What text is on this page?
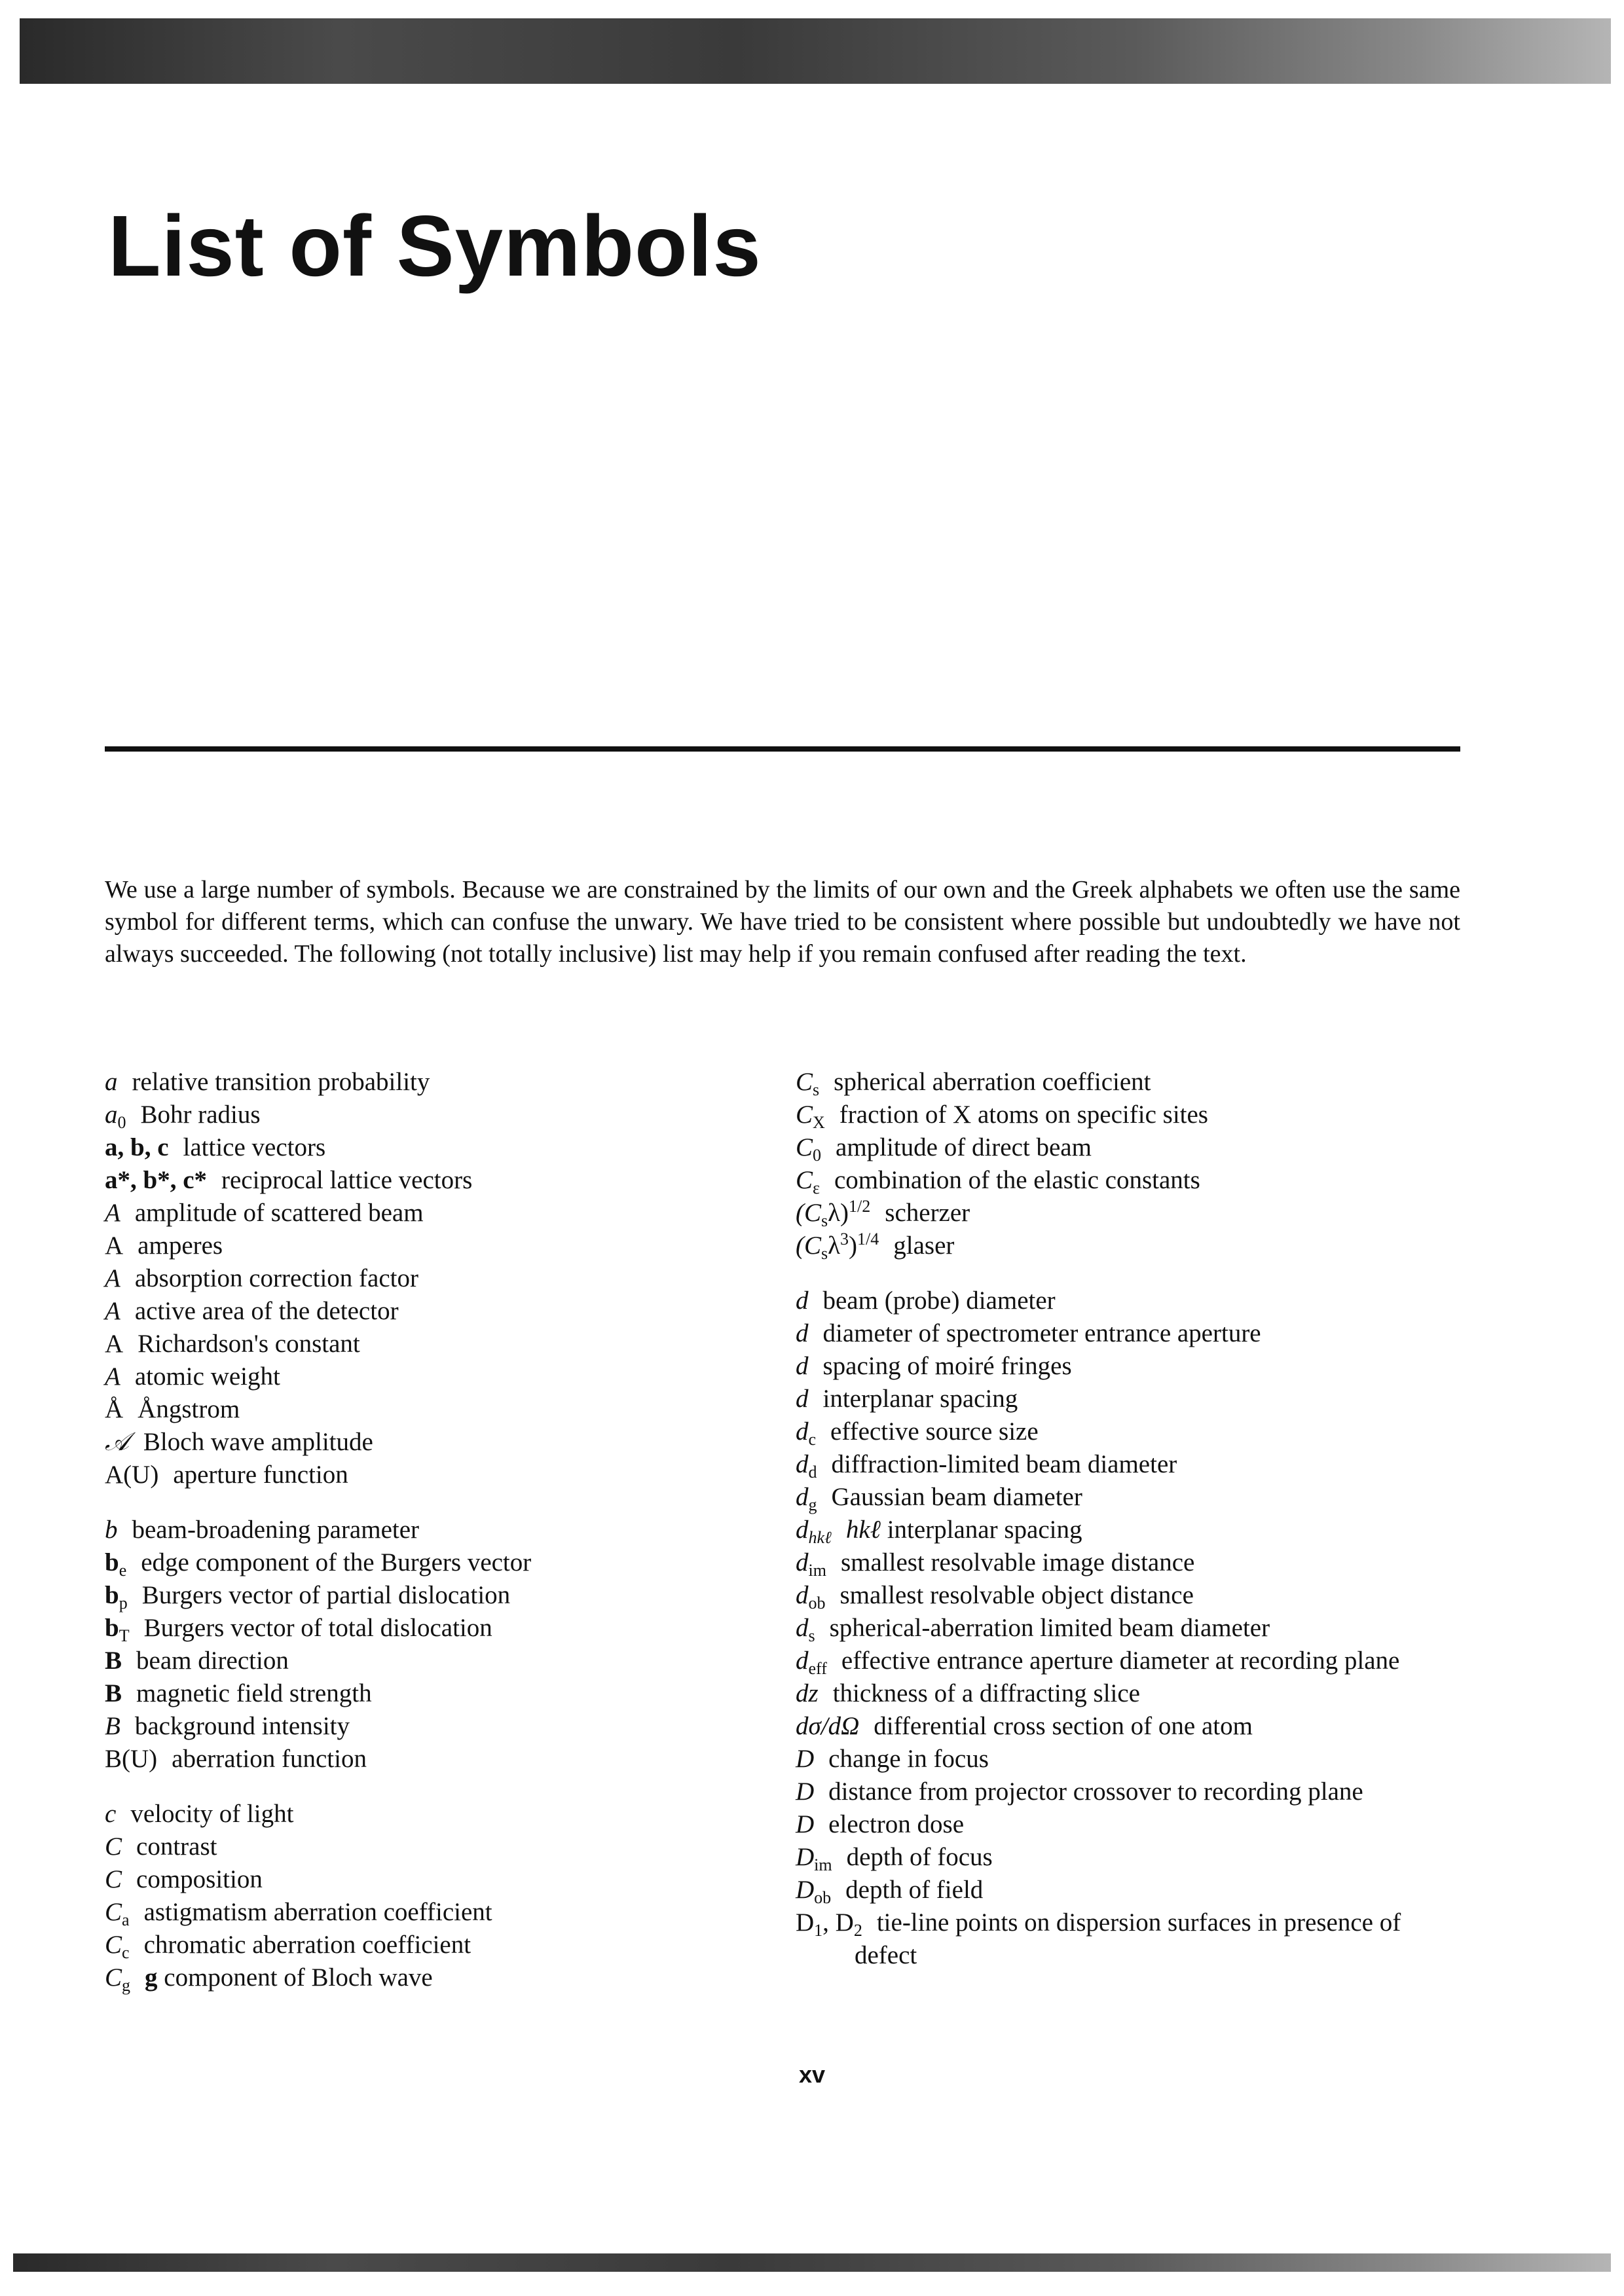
List of Symbols

We use a large number of symbols. Because we are constrained by the limits of our own and the Greek alphabets we often use the same symbol for different terms, which can confuse the unwary. We have tried to be consistent where possible but undoubtedly we have not always succeeded. The following (not totally inclusive) list may help if you remain confused after reading the text.

a relative transition probability
$a_0$ Bohr radius
a, b, c lattice vectors
a*, b*, c* reciprocal lattice vectors
A amplitude of scattered beam
A amperes
A absorption correction factor
A active area of the detector
A Richardson's constant
A atomic weight
Å Ångstrom
𝒜 Bloch wave amplitude
A(U) aperture function
b beam-broadening parameter
$b_e$ edge component of the Burgers vector
$b_p$ Burgers vector of partial dislocation
$b_T$ Burgers vector of total dislocation
B beam direction
B magnetic field strength
B background intensity
B(U) aberration function
c velocity of light
C contrast
C composition
$C_a$ astigmatism aberration coefficient
$C_c$ chromatic aberration coefficient
$C_g$ g component of Bloch wave
$C_s$ spherical aberration coefficient
$C_X$ fraction of X atoms on specific sites
$C_0$ amplitude of direct beam
$C_\varepsilon$ combination of the elastic constants
$(C_s\lambda)^{1/2}$ scherzer
$(C_s\lambda^3)^{1/4}$ glaser
d beam (probe) diameter
d diameter of spectrometer entrance aperture
d spacing of moiré fringes
d interplanar spacing
$d_c$ effective source size
$d_d$ diffraction-limited beam diameter
$d_g$ Gaussian beam diameter
$d_{hk\ell}$ hkℓ interplanar spacing
$d_{im}$ smallest resolvable image distance
$d_{ob}$ smallest resolvable object distance
$d_s$ spherical-aberration limited beam diameter
$d_{eff}$ effective entrance aperture diameter at recording plane
dz thickness of a diffracting slice
dσ/dΩ differential cross section of one atom
D change in focus
D distance from projector crossover to recording plane
D electron dose
$D_{im}$ depth of focus
$D_{ob}$ depth of field
$D_1$, $D_2$ tie-line points on dispersion surfaces in presence of defect

xv
